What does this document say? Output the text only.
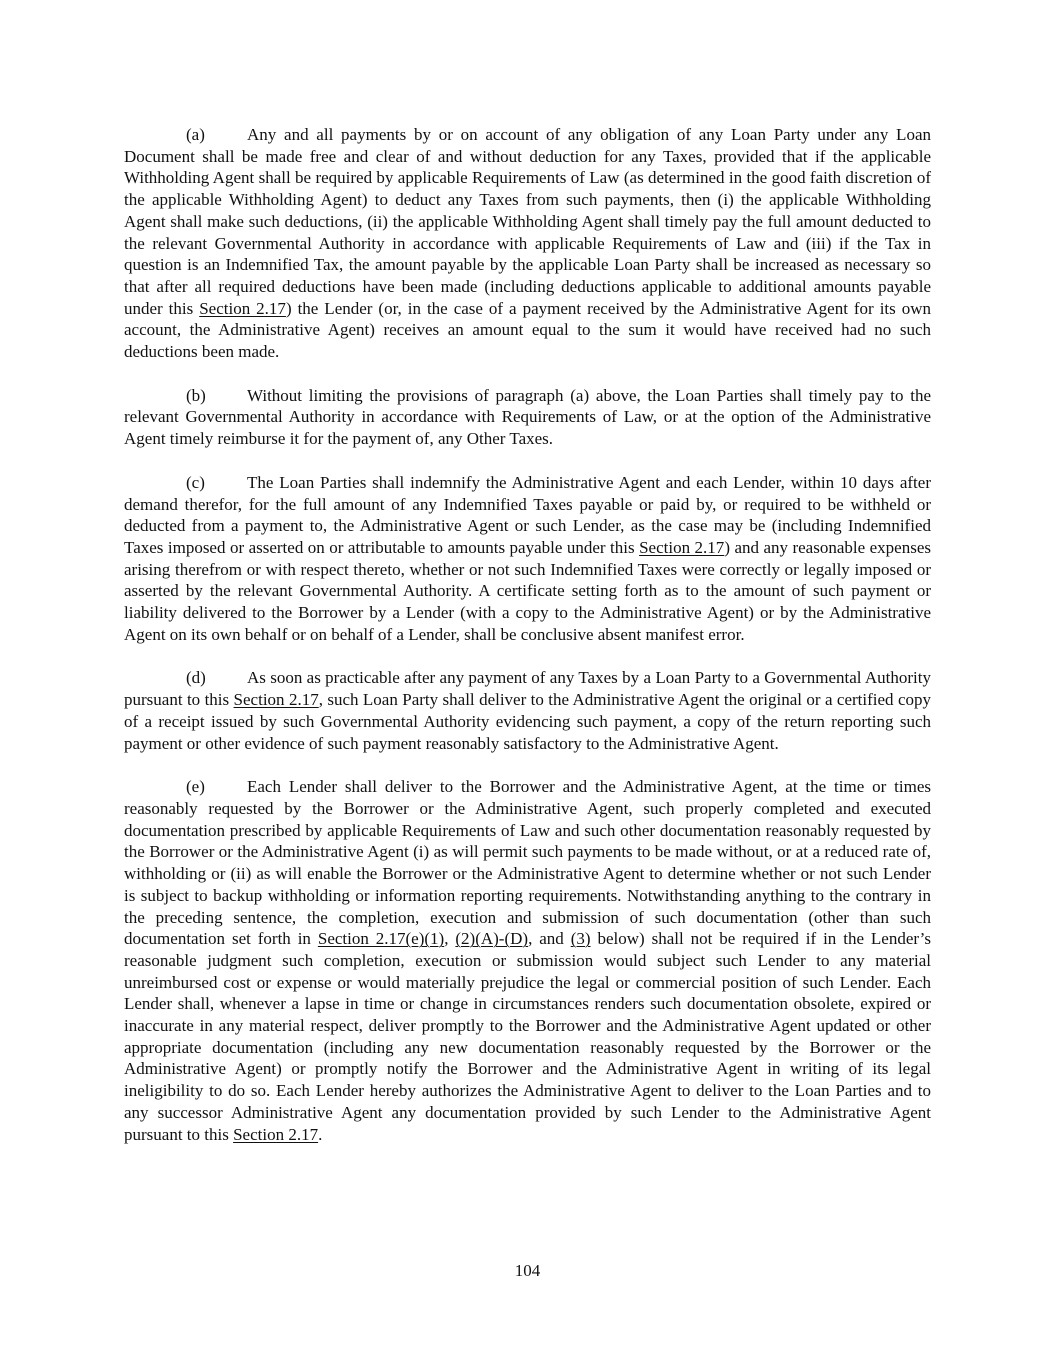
(a) Any and all payments by or on account of any obligation of any Loan Party under any Loan Document shall be made free and clear of and without deduction for any Taxes, provided that if the applicable Withholding Agent shall be required by applicable Requirements of Law (as determined in the good faith discretion of the applicable Withholding Agent) to deduct any Taxes from such payments, then (i) the applicable Withholding Agent shall make such deductions, (ii) the applicable Withholding Agent shall timely pay the full amount deducted to the relevant Governmental Authority in accordance with applicable Requirements of Law and (iii) if the Tax in question is an Indemnified Tax, the amount payable by the applicable Loan Party shall be increased as necessary so that after all required deductions have been made (including deductions applicable to additional amounts payable under this Section 2.17) the Lender (or, in the case of a payment received by the Administrative Agent for its own account, the Administrative Agent) receives an amount equal to the sum it would have received had no such deductions been made.

(b) Without limiting the provisions of paragraph (a) above, the Loan Parties shall timely pay to the relevant Governmental Authority in accordance with Requirements of Law, or at the option of the Administrative Agent timely reimburse it for the payment of, any Other Taxes.

(c) The Loan Parties shall indemnify the Administrative Agent and each Lender, within 10 days after demand therefor, for the full amount of any Indemnified Taxes payable or paid by, or required to be withheld or deducted from a payment to, the Administrative Agent or such Lender, as the case may be (including Indemnified Taxes imposed or asserted on or attributable to amounts payable under this Section 2.17) and any reasonable expenses arising therefrom or with respect thereto, whether or not such Indemnified Taxes were correctly or legally imposed or asserted by the relevant Governmental Authority. A certificate setting forth as to the amount of such payment or liability delivered to the Borrower by a Lender (with a copy to the Administrative Agent) or by the Administrative Agent on its own behalf or on behalf of a Lender, shall be conclusive absent manifest error.

(d) As soon as practicable after any payment of any Taxes by a Loan Party to a Governmental Authority pursuant to this Section 2.17, such Loan Party shall deliver to the Administrative Agent the original or a certified copy of a receipt issued by such Governmental Authority evidencing such payment, a copy of the return reporting such payment or other evidence of such payment reasonably satisfactory to the Administrative Agent.

(e) Each Lender shall deliver to the Borrower and the Administrative Agent, at the time or times reasonably requested by the Borrower or the Administrative Agent, such properly completed and executed documentation prescribed by applicable Requirements of Law and such other documentation reasonably requested by the Borrower or the Administrative Agent (i) as will permit such payments to be made without, or at a reduced rate of, withholding or (ii) as will enable the Borrower or the Administrative Agent to determine whether or not such Lender is subject to backup withholding or information reporting requirements. Notwithstanding anything to the contrary in the preceding sentence, the completion, execution and submission of such documentation (other than such documentation set forth in Section 2.17(e)(1), (2)(A)-(D), and (3) below) shall not be required if in the Lender’s reasonable judgment such completion, execution or submission would subject such Lender to any material unreimbursed cost or expense or would materially prejudice the legal or commercial position of such Lender. Each Lender shall, whenever a lapse in time or change in circumstances renders such documentation obsolete, expired or inaccurate in any material respect, deliver promptly to the Borrower and the Administrative Agent updated or other appropriate documentation (including any new documentation reasonably requested by the Borrower or the Administrative Agent) or promptly notify the Borrower and the Administrative Agent in writing of its legal ineligibility to do so. Each Lender hereby authorizes the Administrative Agent to deliver to the Loan Parties and to any successor Administrative Agent any documentation provided by such Lender to the Administrative Agent pursuant to this Section 2.17.

104
